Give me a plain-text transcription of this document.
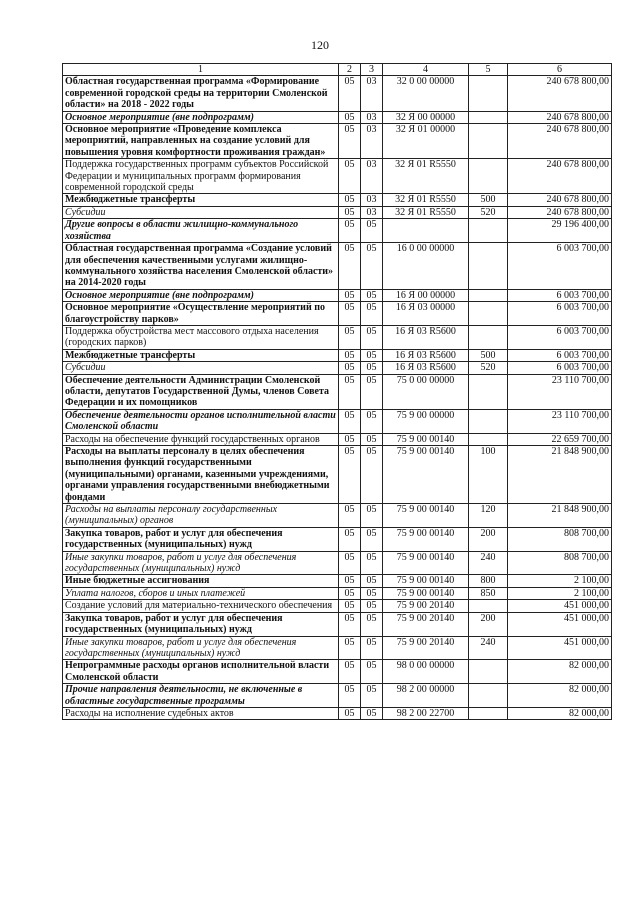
120
1	2	3	4	5	6
Областная государственная программа «Формирование современной городской среды на территории Смоленской области» на 2018 - 2022 годы	05	03	32 0 00 00000		240 678 800,00
Основное мероприятие (вне подпрограмм)	05	03	32 Я 00 00000		240 678 800,00
Основное мероприятие «Проведение комплекса мероприятий, направленных на создание условий для повышения уровня комфортности проживания граждан»	05	03	32 Я 01 00000		240 678 800,00
Поддержка государственных программ субъектов Российской Федерации и муниципальных программ формирования современной городской среды	05	03	32 Я 01 R5550		240 678 800,00
Межбюджетные трансферты	05	03	32 Я 01 R5550	500	240 678 800,00
Субсидии	05	03	32 Я 01 R5550	520	240 678 800,00
Другие вопросы в области жилищно-коммунального хозяйства	05	05			29 196 400,00
Областная государственная программа «Создание условий для обеспечения качественными услугами жилищно-коммунального хозяйства населения Смоленской области» на 2014-2020 годы	05	05	16 0 00 00000		6 003 700,00
Основное мероприятие (вне подпрограмм)	05	05	16 Я 00 00000		6 003 700,00
Основное мероприятие «Осуществление мероприятий по благоустройству парков»	05	05	16 Я 03 00000		6 003 700,00
Поддержка обустройства мест массового отдыха населения (городских парков)	05	05	16 Я 03 R5600		6 003 700,00
Межбюджетные трансферты	05	05	16 Я 03 R5600	500	6 003 700,00
Субсидии	05	05	16 Я 03 R5600	520	6 003 700,00
Обеспечение деятельности Администрации Смоленской области, депутатов Государственной Думы, членов Совета Федерации и их помощников	05	05	75 0 00 00000		23 110 700,00
Обеспечение деятельности органов исполнительной власти Смоленской области	05	05	75 9 00 00000		23 110 700,00
Расходы на обеспечение функций государственных органов	05	05	75 9 00 00140		22 659 700,00
Расходы на выплаты персоналу в целях обеспечения выполнения функций государственными (муниципальными) органами, казенными учреждениями, органами управления государственными внебюджетными фондами	05	05	75 9 00 00140	100	21 848 900,00
Расходы на выплаты персоналу государственных (муниципальных) органов	05	05	75 9 00 00140	120	21 848 900,00
Закупка товаров, работ и услуг для обеспечения государственных (муниципальных) нужд	05	05	75 9 00 00140	200	808 700,00
Иные закупки товаров, работ и услуг для обеспечения государственных (муниципальных) нужд	05	05	75 9 00 00140	240	808 700,00
Иные бюджетные ассигнования	05	05	75 9 00 00140	800	2 100,00
Уплата налогов, сборов и иных платежей	05	05	75 9 00 00140	850	2 100,00
Создание условий для материально-технического обеспечения	05	05	75 9 00 20140		451 000,00
Закупка товаров, работ и услуг для обеспечения государственных (муниципальных) нужд	05	05	75 9 00 20140	200	451 000,00
Иные закупки товаров, работ и услуг для обеспечения государственных (муниципальных) нужд	05	05	75 9 00 20140	240	451 000,00
Непрограммные расходы органов исполнительной власти Смоленской области	05	05	98 0 00 00000		82 000,00
Прочие направления деятельности, не включенные в областные государственные программы	05	05	98 2 00 00000		82 000,00
Расходы на исполнение судебных актов	05	05	98 2 00 22700		82 000,00
